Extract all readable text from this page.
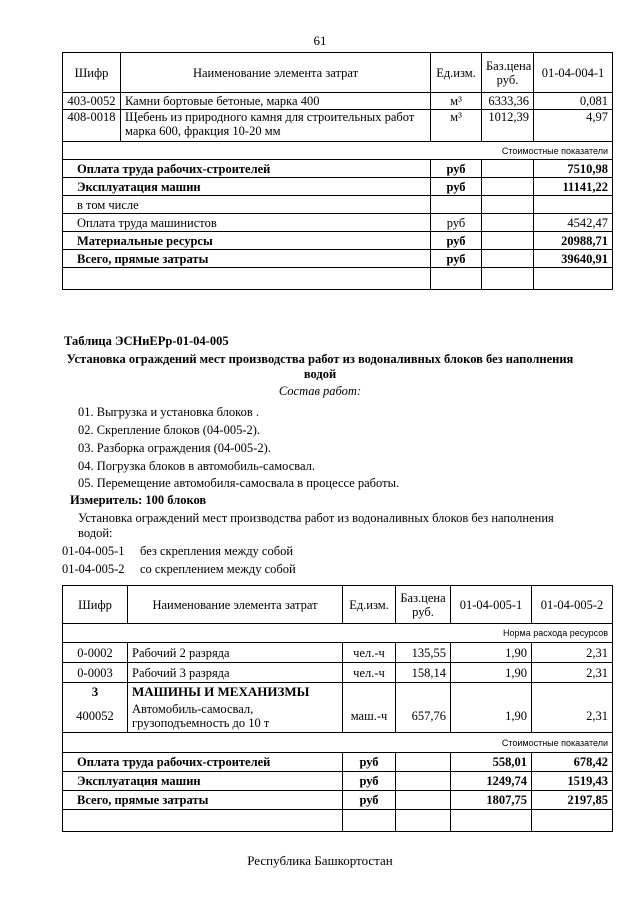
61
Шифр	Наименование элемента затрат	Ед.изм.	Баз.цена руб.	01-04-004-1
403-0052	Камни бортовые бетоные, марка 400	м³	6333,36	0,081
408-0018	Щебень из природного камня для строительных работ марка 600, фракция 10-20 мм	м³	1012,39	4,97
Стоимостные показатели				
Оплата труда рабочих-строителей		руб		7510,98
Эксплуатация машин		руб		11141,22
в том числе				
Оплата труда машинистов		руб		4542,47
Материальные ресурсы		руб		20988,71
Всего, прямые затраты		руб		39640,91

Таблица ЭСНиЕРр-01-04-005
Установка ограждений мест производства работ из водоналивных блоков без наполнения
водой
Состав работ:
01. Выгрузка и установка блоков .
02. Скрепление блоков (04-005-2).
03. Разборка ограждения (04-005-2).
04. Погрузка блоков в автомобиль-самосвал.
05. Перемещение автомобиля-самосвала в процессе работы.
Измеритель: 100 блоков
Установка ограждений мест производства работ из водоналивных блоков без наполнения
водой:
01-04-005-1 без скрепления между собой
01-04-005-2 со скреплением между собой
Шифр	Наименование элемента затрат	Ед.изм.	Баз.цена руб.	01-04-005-1	01-04-005-2
Норма расхода ресурсов					
0-0002	Рабочий 2 разряда	чел.-ч	135,55	1,90	2,31
0-0003	Рабочий 3 разряда	чел.-ч	158,14	1,90	2,31
3	МАШИНЫ И МЕХАНИЗМЫ				
400052	Автомобиль-самосвал, грузоподъемность до 10 т	маш.-ч	657,76	1,90	2,31
Стоимостные показатели					
Оплата труда рабочих-строителей		руб		558,01	678,42
Эксплуатация машин		руб		1249,74	1519,43
Всего, прямые затраты		руб		1807,75	2197,85

Республика Башкортостан
